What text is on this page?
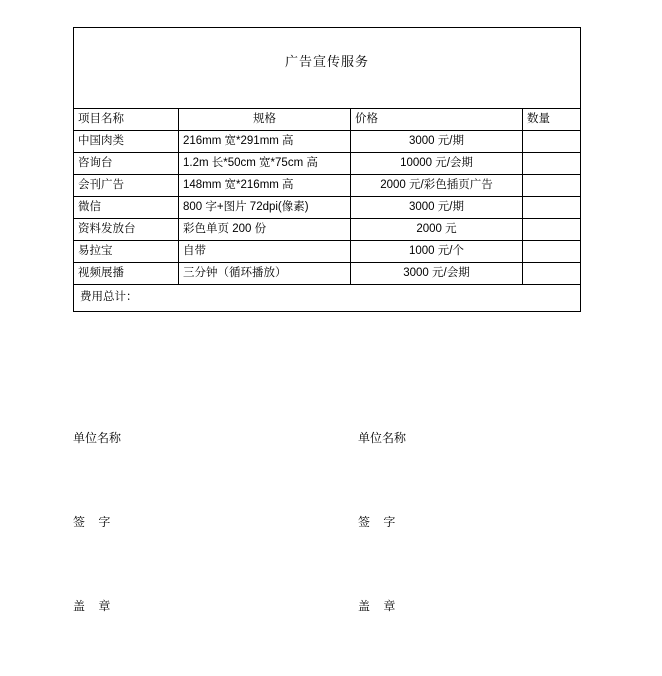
广告宣传服务			
项目名称	规格	价格	数量
中国肉类	216mm 宽*291mm 高	3000 元/期	
咨询台	1.2m 长*50cm 宽*75cm 高	10000 元/会期	
会刊广告	148mm 宽*216mm 高	2000 元/彩色插页广告	
微信	800 字+图片 72dpi(像素)	3000 元/期	
资料发放台	彩色单页 200 份	2000 元	
易拉宝	自带	1000 元/个	
视频展播	三分钟（循环播放）	3000 元/会期	
费用总计：			

单位名称

签    字

盖    章

单位名称

签    字

盖    章
